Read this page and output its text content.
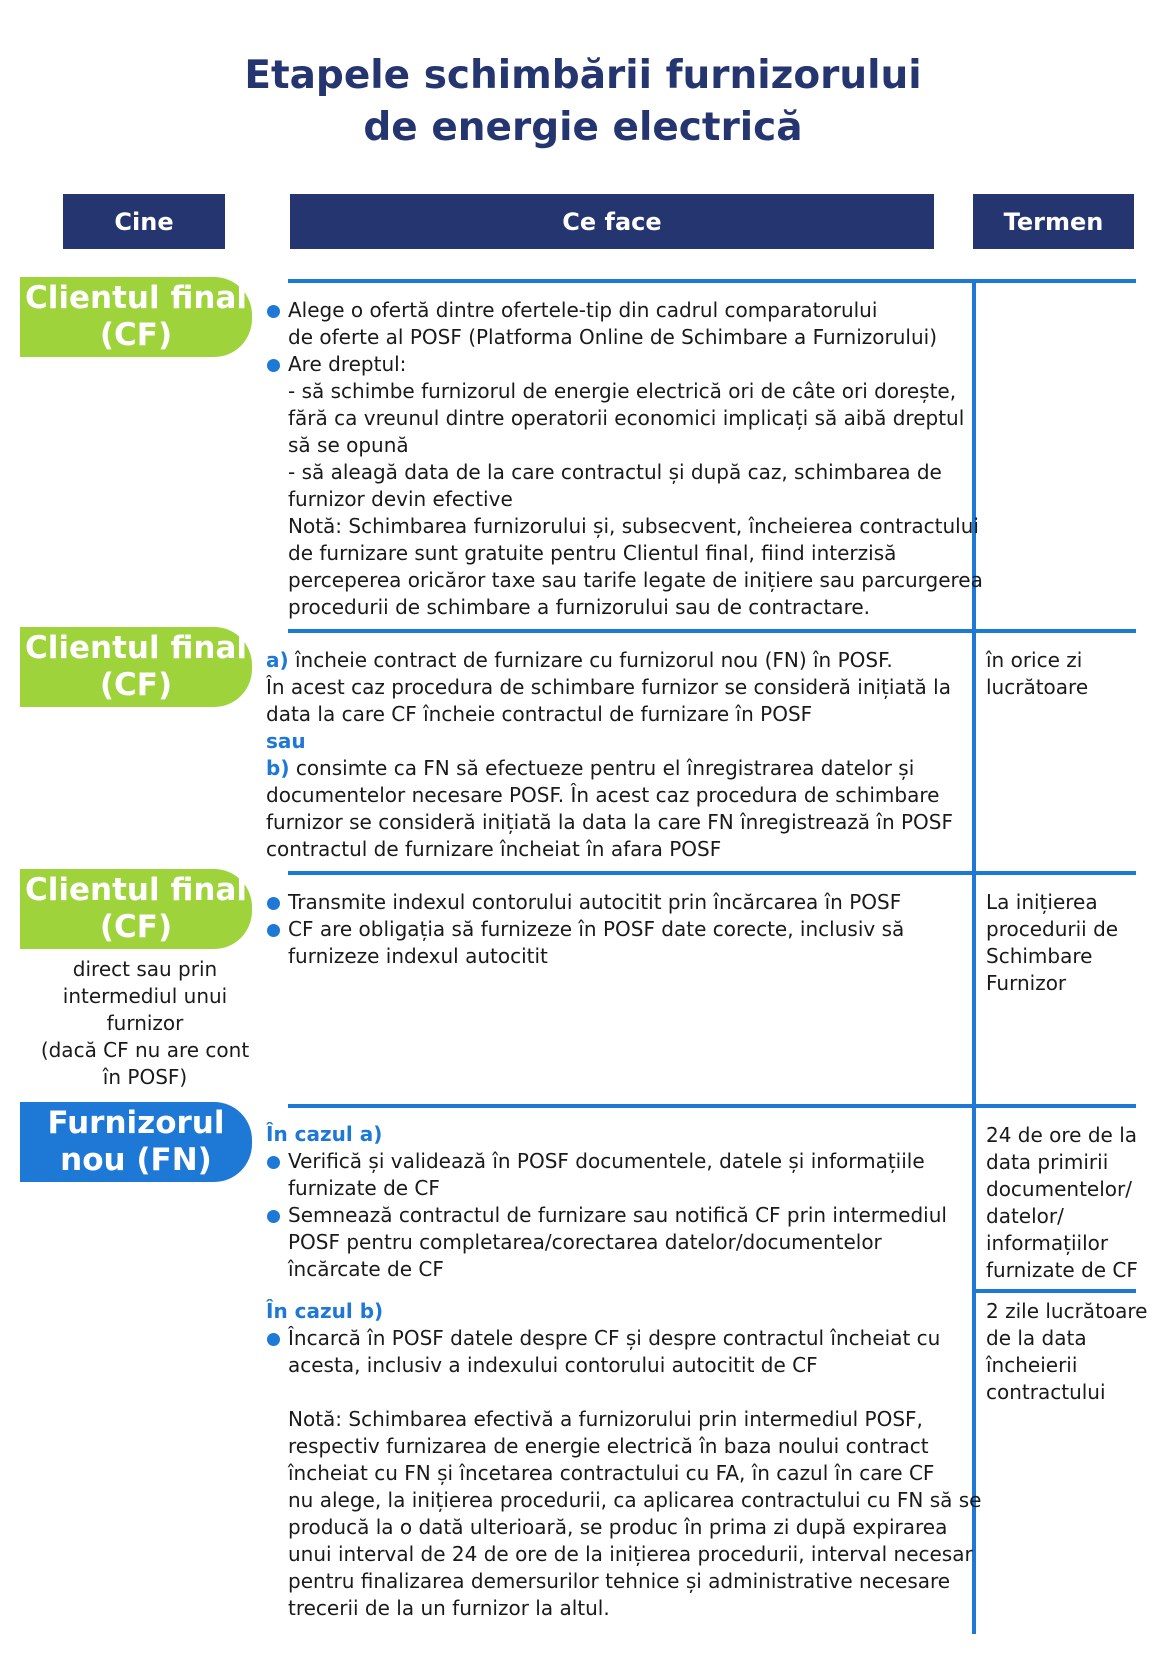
Etapele schimbării furnizorului
de energie electrică
Cine	Ce face	Termen
Clientul final
(CF)
Alege o ofertă dintre ofertele-tip din cadrul comparatorului
de oferte al POSF (Platforma Online de Schimbare a Furnizorului)
Are dreptul:
- să schimbe furnizorul de energie electrică ori de câte ori dorește,
fără ca vreunul dintre operatorii economici implicați să aibă dreptul
să se opună
- să aleagă data de la care contractul și după caz, schimbarea de
furnizor devin efective
Notă: Schimbarea furnizorului și, subsecvent, încheierea contractului
de furnizare sunt gratuite pentru Clientul final, fiind interzisă
perceperea oricăror taxe sau tarife legate de inițiere sau parcurgerea
procedurii de schimbare a furnizorului sau de contractare.
Clientul final
(CF)
a) încheie contract de furnizare cu furnizorul nou (FN) în POSF.
În acest caz procedura de schimbare furnizor se consideră inițiată la
data la care CF încheie contractul de furnizare în POSF
sau
b) consimte ca FN să efectueze pentru el înregistrarea datelor și
documentelor necesare POSF. În acest caz procedura de schimbare
furnizor se consideră inițiată la data la care FN înregistrează în POSF
contractul de furnizare încheiat în afara POSF
în orice zi
lucrătoare
Clientul final
(CF)
direct sau prin
intermediul unui
furnizor
(dacă CF nu are cont
în POSF)
Transmite indexul contorului autocitit prin încărcarea în POSF
CF are obligația să furnizeze în POSF date corecte, inclusiv să
furnizeze indexul autocitit
La inițierea
procedurii de
Schimbare
Furnizor
Furnizorul
nou (FN)
În cazul a)
Verifică și validează în POSF documentele, datele și informațiile
furnizate de CF
Semnează contractul de furnizare sau notifică CF prin intermediul
POSF pentru completarea/corectarea datelor/documentelor
încărcate de CF
În cazul b)
Încarcă în POSF datele despre CF și despre contractul încheiat cu
acesta, inclusiv a indexului contorului autocitit de CF
Notă: Schimbarea efectivă a furnizorului prin intermediul POSF,
respectiv furnizarea de energie electrică în baza noului contract
încheiat cu FN și încetarea contractului cu FA, în cazul în care CF
nu alege, la inițierea procedurii, ca aplicarea contractului cu FN să se
producă la o dată ulterioară, se produc în prima zi după expirarea
unui interval de 24 de ore de la inițierea procedurii, interval necesar
pentru finalizarea demersurilor tehnice și administrative necesare
trecerii de la un furnizor la altul.
24 de ore de la
data primirii
documentelor/
datelor/
informațiilor
furnizate de CF
2 zile lucrătoare
de la data
încheierii
contractului
